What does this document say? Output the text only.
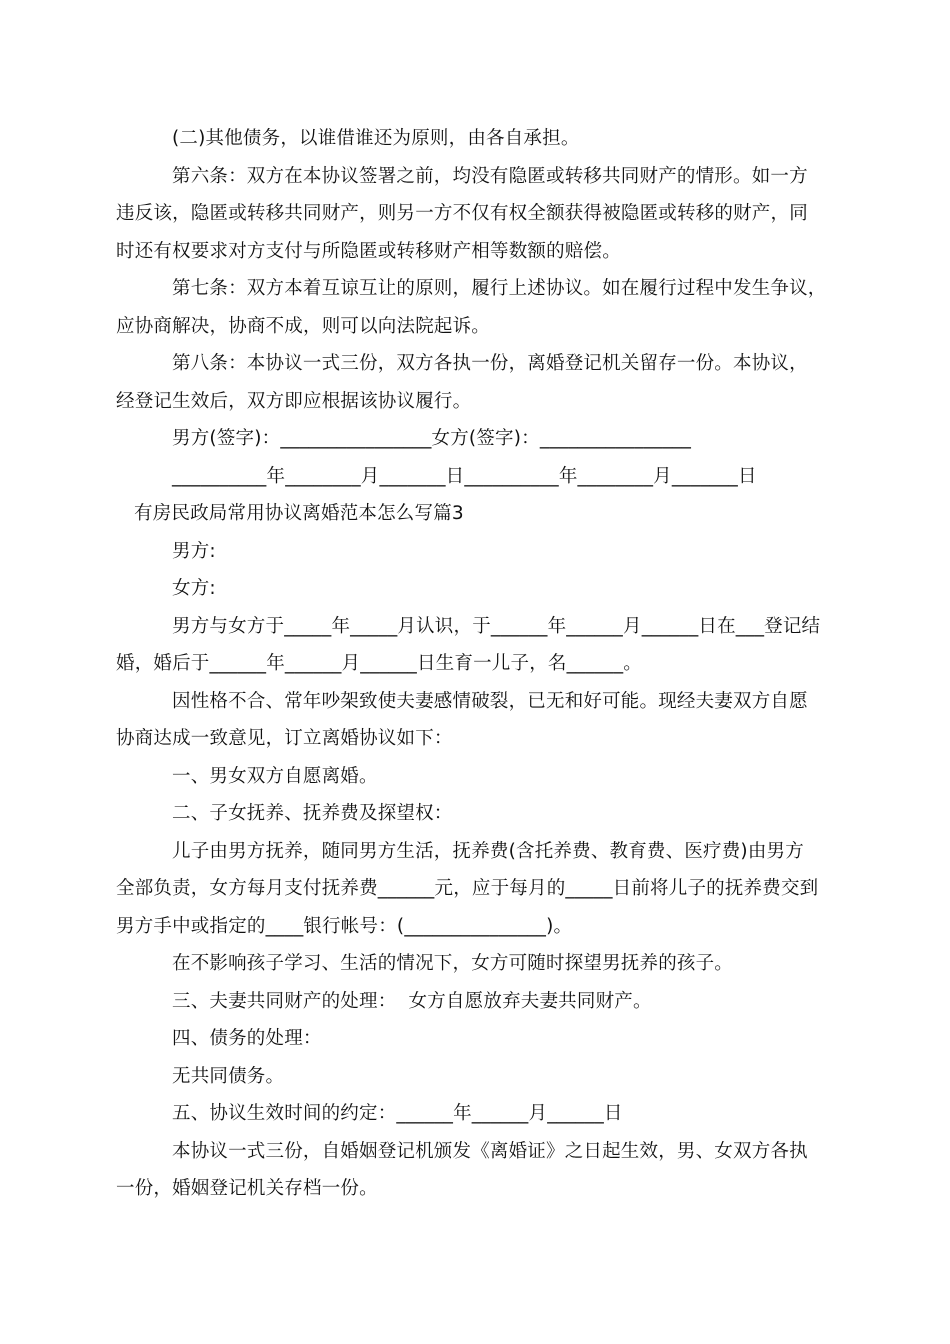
(二)其他债务，以谁借谁还为原则，由各自承担。
第六条：双方在本协议签署之前，均没有隐匿或转移共同财产的情形。如一方
违反该，隐匿或转移共同财产，则另一方不仅有权全额获得被隐匿或转移的财产，同
时还有权要求对方支付与所隐匿或转移财产相等数额的赔偿。
第七条：双方本着互谅互让的原则，履行上述协议。如在履行过程中发生争议，
应协商解决，协商不成，则可以向法院起诉。
第八条：本协议一式三份，双方各执一份，离婚登记机关留存一份。本协议，
经登记生效后，双方即应根据该协议履行。
男方(签字)：________________女方(签字)：________________
__________年________月_______日__________年________月_______日
有房民政局常用协议离婚范本怎么写篇3
男方:
女方:
男方与女方于_____年_____月认识，于______年______月______日在___登记结
婚，婚后于______年______月______日生育一儿子，名______。
因性格不合、常年吵架致使夫妻感情破裂，已无和好可能。现经夫妻双方自愿
协商达成一致意见，订立离婚协议如下：
一、男女双方自愿离婚。
二、子女抚养、抚养费及探望权：
儿子由男方抚养，随同男方生活，抚养费(含托养费、教育费、医疗费)由男方
全部负责，女方每月支付抚养费______元，应于每月的_____日前将儿子的抚养费交到
男方手中或指定的____银行帐号：(_______________)。
在不影响孩子学习、生活的情况下，女方可随时探望男抚养的孩子。
三、夫妻共同财产的处理：  女方自愿放弃夫妻共同财产。
四、债务的处理：
无共同债务。
五、协议生效时间的约定：______年______月______日
本协议一式三份，自婚姻登记机颁发《离婚证》之日起生效，男、女双方各执
一份，婚姻登记机关存档一份。
